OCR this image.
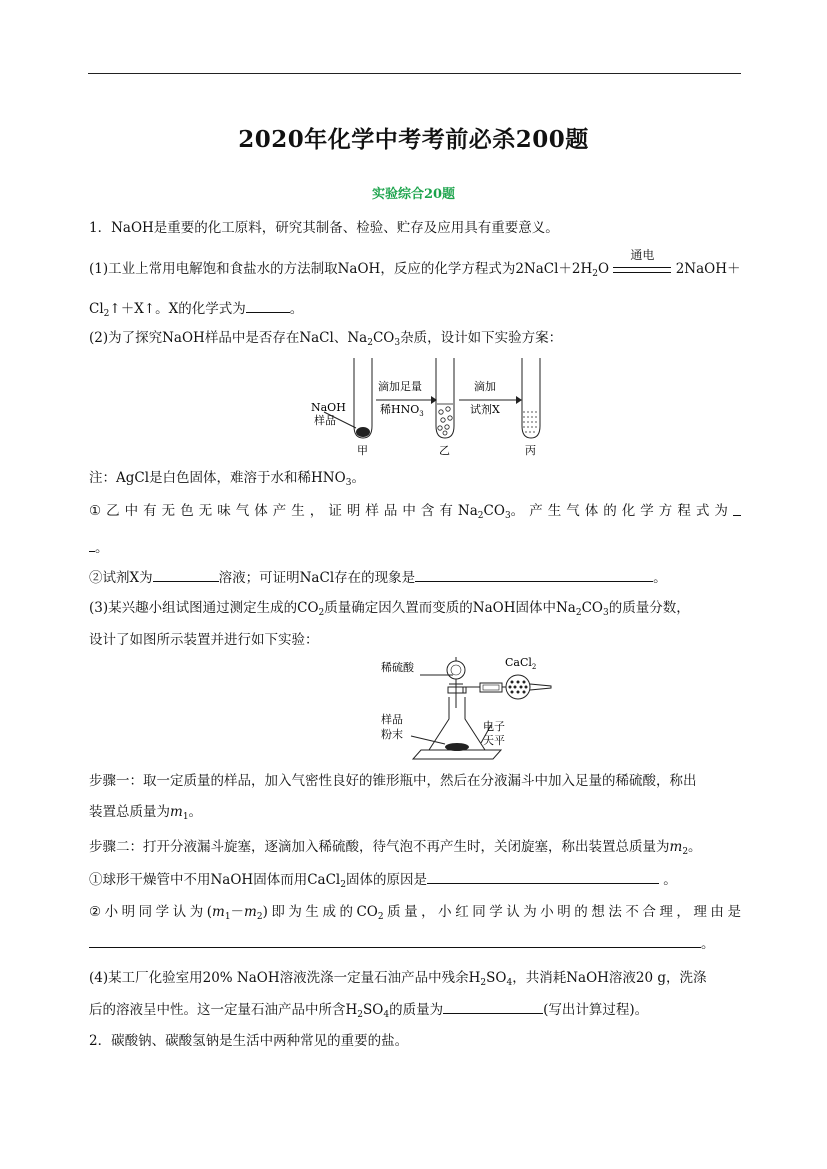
2020年化学中考考前必杀200题
实验综合20题
1．NaOH是重要的化工原料，研究其制备、检验、贮存及应用具有重要意义。
(1)工业上常用电解饱和食盐水的方法制取NaOH，反应的化学方程式为$2NaCl+2H_2O$
通电
2NaOH＋
$Cl_2↑+X↑$。X的化学式为	。
(2)为了探究NaOH样品中是否存在NaCl、$Na_2CO_3$杂质，设计如下实验方案：
NaOH
样品
滴加足量
稀$HNO_3$
滴加
试剂X
甲	乙	丙
注：AgCl是白色固体，难溶于水和稀$HNO_3$。
① 乙 中 有 无 色 无 味 气 体 产 生 ， 证 明 样 品 中 含 有 $Na_2CO_3$。 产 生 气 体 的 化 学 方 程 式 为
。
②试剂X为	溶液；可证明NaCl存在的现象是	。
(3)某兴趣小组试图通过测定生成的$CO_2$质量确定因久置而变质的NaOH固体中$Na_2CO_3$的质量分数，
设计了如图所示装置并进行如下实验：
稀硫酸	CaCl$_2$
样品
粉末
电子
天平
步骤一：取一定质量的样品，加入气密性良好的锥形瓶中，然后在分液漏斗中加入足量的稀硫酸，称出
装置总质量为$m_1$。
步骤二：打开分液漏斗旋塞，逐滴加入稀硫酸，待气泡不再产生时，关闭旋塞，称出装置总质量为$m_2$。
①球形干燥管中不用NaOH固体而用CaCl$_2$固体的原因是	。
② 小 明 同 学 认 为 $(m_1-m_2)$ 即 为 生 成 的 $CO_2$ 质 量 ， 小 红 同 学 认 为 小 明 的 想 法 不 合 理 ， 理 由 是
。
(4)某工厂化验室用20% NaOH溶液洗涤一定量石油产品中残余$H_2SO_4$，共消耗NaOH溶液20 g，洗涤
后的溶液呈中性。这一定量石油产品中所含$H_2SO_4$的质量为	(写出计算过程)。
2．碳酸钠、碳酸氢钠是生活中两种常见的重要的盐。
